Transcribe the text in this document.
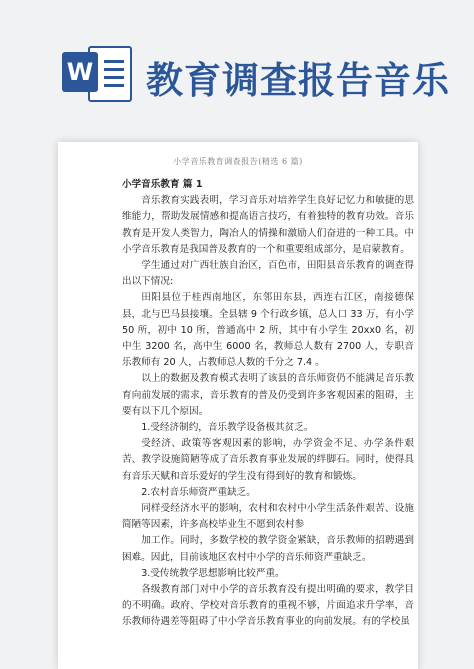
W 教育调查报告音乐
小学音乐教育调查报告(精选 6 篇)

小学音乐教育 篇 1

音乐教育实践表明，学习音乐对培养学生良好记忆力和敏捷的思维能力，帮助发展情感和提高语言技巧，有着独特的教育功效。音乐教育是开发人类智力，陶冶人的情操和激励人们奋进的一种工具。中小学音乐教育是我国普及教育的一个和重要组成部分，是启蒙教育。

学生通过对广西壮族自治区，百色市，田阳县音乐教育的调查得出以下情况:

田阳县位于桂西南地区，东邻田东县，西连右江区，南接德保县，北与巴马县接壤。全县辖 9 个行政乡镇，总人口 33 万，有小学 50 所，初中 10 所，普通高中 2 所，其中有小学生 20xx0 名，初中生 3200 名，高中生 6000 名，教师总人数有 2700 人，专职音乐教师有 20 人，占教师总人数的千分之 7.4 。

以上的数据及教育模式表明了该县的音乐师资仍不能满足音乐教育向前发展的需求，音乐教育的普及仍受到许多客观因素的阻碍，主要有以下几个原因。

1.受经济制约，音乐教学设备极其贫乏。

受经济、政策等客观因素的影响，办学资金不足、办学条件艰苦、教学设施简陋等成了音乐教育事业发展的绊脚石。同时，使得具有音乐天赋和音乐爱好的学生没有得到好的教育和锻炼。

2.农村音乐师资严重缺乏。

同样受经济水平的影响，农村和农村中小学生活条件艰苦、设施简陋等因素，许多高校毕业生不愿到农村参

加工作。同时，多数学校的教学资金紧缺，音乐教师的招聘遇到困难。因此，目前该地区农村中小学的音乐师资严重缺乏。

3.受传统教学思想影响比较严重。

各级教育部门对中小学的音乐教育没有提出明确的要求，教学目的不明确。政府、学校对音乐教育的重视不够，片面追求升学率，音乐教师待遇差等阻碍了中小学音乐教育事业的向前发展。有的学校虽
